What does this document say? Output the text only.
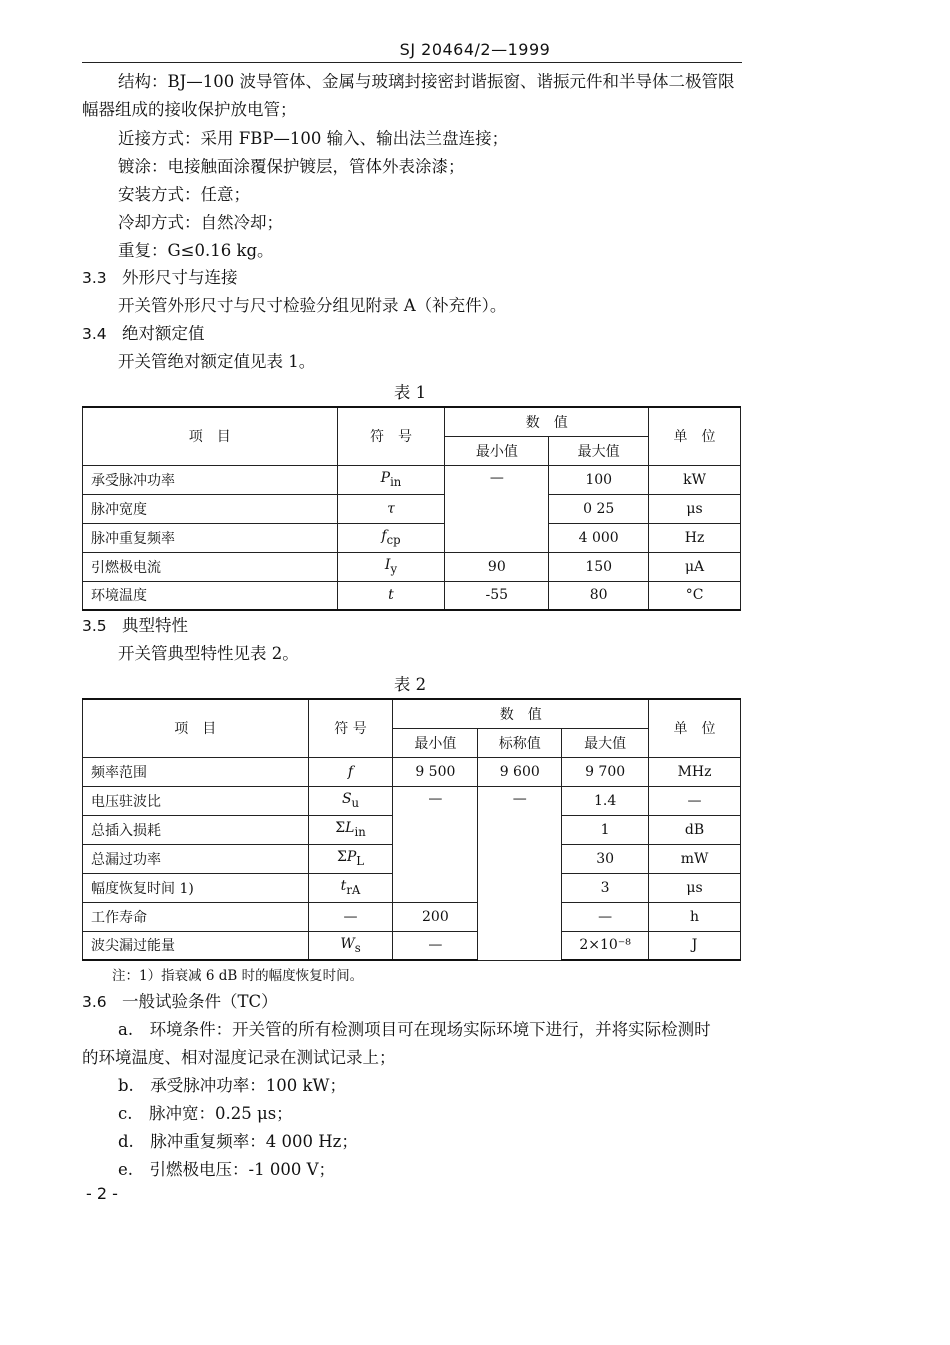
SJ 20464/2—1999
结构：BJ—100 波导管体、金属与玻璃封接密封谐振窗、谐振元件和半导体二极管限
幅器组成的接收保护放电管；
近接方式：采用 FBP—100 输入、输出法兰盘连接；
镀涂：电接触面涂覆保护镀层，管体外表涂漆；
安装方式：任意；
冷却方式：自然冷却；
重复：G≤0.16 kg。
3.3 外形尺寸与连接
开关管外形尺寸与尺寸检验分组见附录 A（补充件）。
3.4 绝对额定值
开关管绝对额定值见表 1。
表 1
项　目	符　号	数　值		单　位
		最小值	最大值	
承受脉冲功率	$P_{in}$	—	100	kW
脉冲宽度	τ		0 25	μs
脉冲重复频率	$f_{cp}$		4 000	Hz
引燃极电流	$I_y$	90	150	μA
环境温度	t	-55	80	°C
3.5 典型特性
开关管典型特性见表 2。
表 2
项　目	符 号	数　值			单　位
		最小值	标称值	最大值	
频率范围	f	9 500	9 600	9 700	MHz
电压驻波比	$S_u$	—	—	1.4	—
总插入损耗	$\Sigma L_{in}$			1	dB
总漏过功率	$\Sigma P_L$			30	mW
幅度恢复时间 1)	$t_{rA}$			3	μs
工作寿命	—	200		—	h
波尖漏过能量	$W_s$	—		2×10⁻⁸	J
注：1）指衰减 6 dB 时的幅度恢复时间。
3.6 一般试验条件（TC）
a.　环境条件：开关管的所有检测项目可在现场实际环境下进行，并将实际检测时
的环境温度、相对湿度记录在测试记录上；
b.　承受脉冲功率：100 kW；
c.　脉冲宽：0.25 μs；
d.　脉冲重复频率：4 000 Hz；
e.　引燃极电压：-1 000 V；
- 2 -
